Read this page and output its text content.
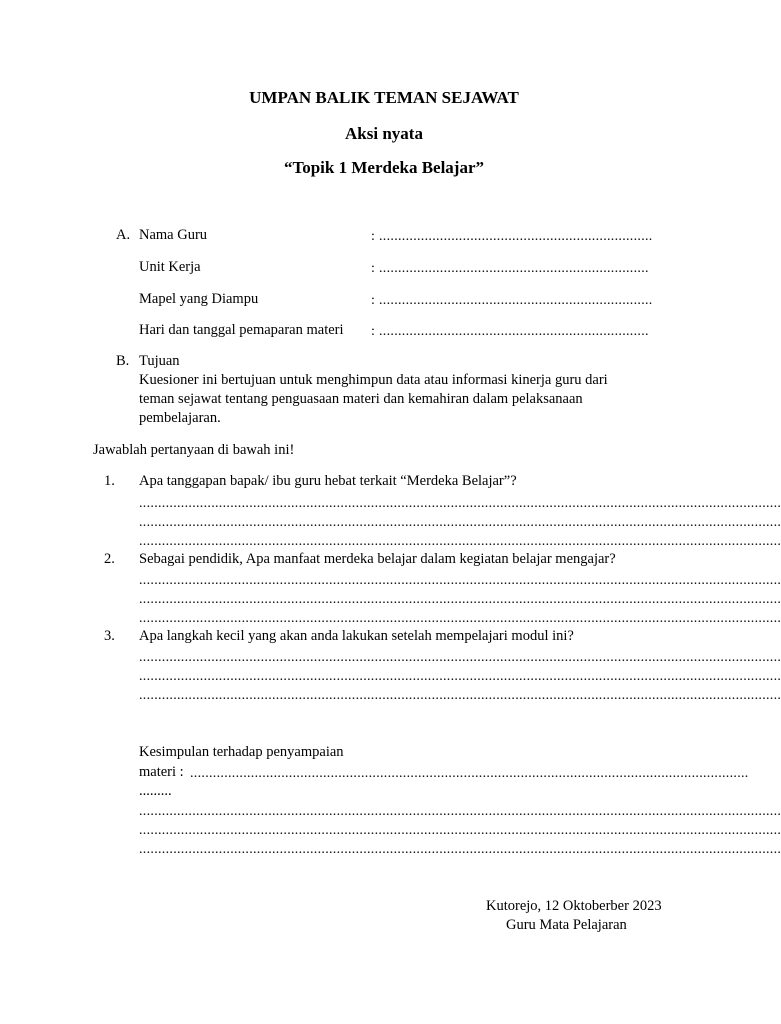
UMPAN BALIK TEMAN SEJAWAT
Aksi nyata
“Topik 1 Merdeka Belajar”
A. Nama Guru	: ........................................................................
Unit Kerja	: .......................................................................
Mapel yang Diampu	: ........................................................................
Hari dan tanggal pemaparan materi : .......................................................................
B. Tujuan
Kuesioner ini bertujuan untuk menghimpun data atau informasi kinerja guru dari
teman sejawat tentang penguasaan materi dan kemahiran dalam pelaksanaan
pembelajaran.
Jawablah pertanyaan di bawah ini!
1. Apa tanggapan bapak/ ibu guru hebat terkait “Merdeka Belajar”?
.........................................................................................................................................................................
.........................................................................................................................................................................
.........................................................................................................................................................................
2. Sebagai pendidik, Apa manfaat merdeka belajar dalam kegiatan belajar mengajar?
.........................................................................................................................................................................
.........................................................................................................................................................................
.........................................................................................................................................................................
3. Apa langkah kecil yang akan anda lakukan setelah mempelajari modul ini?
.........................................................................................................................................................................
.........................................................................................................................................................................
.........................................................................................................................................................................
Kesimpulan terhadap penyampaian
materi : ...................................................................................................................................................
.........
.........................................................................................................................................................................
.........................................................................................................................................................................
.........................................................................................................................................................................
Kutorejo, 12 Oktoberber 2023
Guru Mata Pelajaran
